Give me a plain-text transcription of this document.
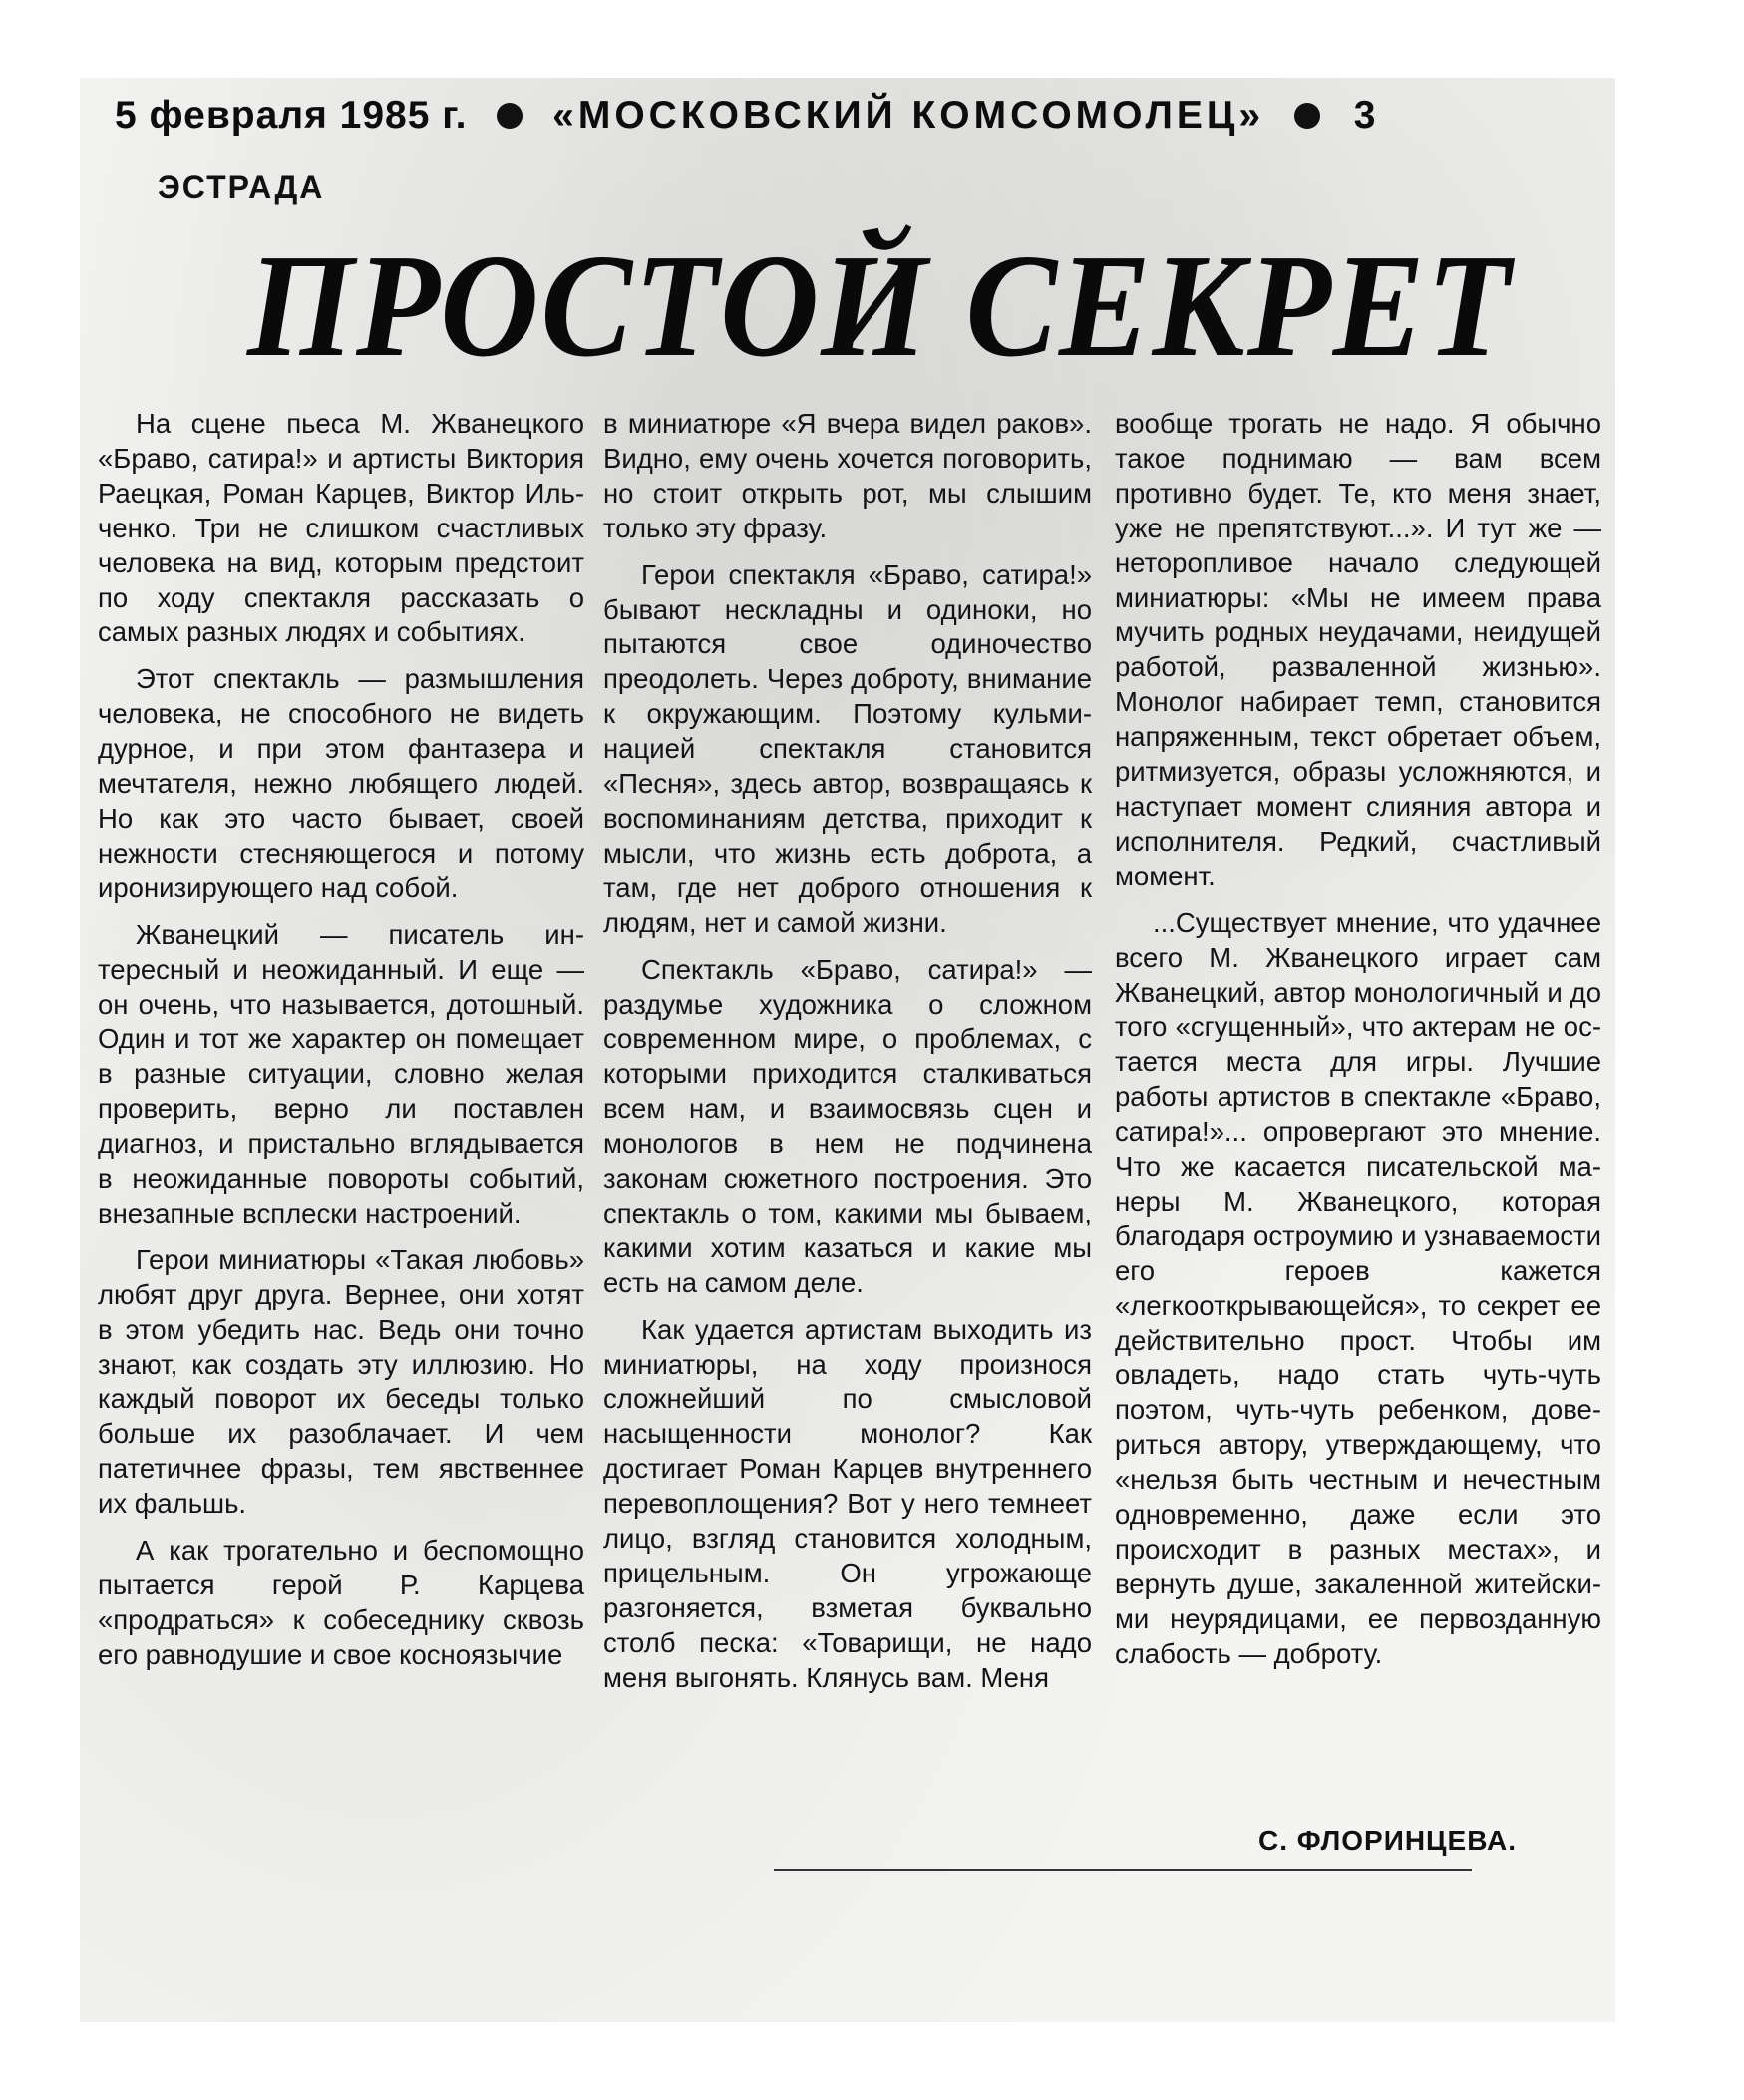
5 февраля 1985 г. «МОСКОВСКИЙ КОМСОМОЛЕЦ» 3
ЭСТРАДА
ПРОСТОЙ СЕКРЕТ

На сцене пьеса М. Жванецкого «Браво, сатира!» и артисты Виктория Раецкая, Роман Карцев, Виктор Ильченко. Три не слишком счастливых человека на вид, которым предстоит по ходу спектакля рассказать о самых разных людях и событиях.

Этот спектакль — размышления человека, не способного не видеть дурное, и при этом фантазера и мечтателя, нежно любящего людей. Но как это часто бывает, своей нежности стесняющегося и потому иронизирующего над собой.

Жванецкий — писатель интересный и неожиданный. И еще — он очень, что называется, дотошный. Один и тот же характер он помещает в разные ситуации, словно желая проверить, верно ли поставлен диагноз, и пристально вглядывается в неожиданные повороты событий, внезапные всплески настроений.

Герои миниатюры «Такая любовь» любят друг друга. Вернее, они хотят в этом убедить нас. Ведь они точно знают, как создать эту иллюзию. Но каждый поворот их беседы только больше их разоблачает. И чем патетичнее фразы, тем явственнее их фальшь.

А как трогательно и беспомощно пытается герой Р. Карцева «продраться» к собеседнику сквозь его равнодушие и свое косноязычие

в миниатюре «Я вчера видел раков». Видно, ему очень хочется поговорить, но стоит открыть рот, мы слышим только эту фразу.

Герои спектакля «Браво, сатира!» бывают нескладны и одиноки, но пытаются свое одиночество преодолеть. Через доброту, внимание к окружающим. Поэтому кульминацией спектакля становится «Песня», здесь автор, возвращаясь к воспоминаниям детства, приходит к мысли, что жизнь есть доброта, а там, где нет доброго отношения к людям, нет и самой жизни.

Спектакль «Браво, сатира!» — раздумье художника о сложном современном мире, о проблемах, с которыми приходится сталкиваться всем нам, и взаимосвязь сцен и монологов в нем не подчинена законам сюжетного построения. Это спектакль о том, какими мы бываем, какими хотим казаться и какие мы есть на самом деле.

Как удается артистам выходить из миниатюры, на ходу произнося сложнейший по смысловой насыщенности монолог? Как достигает Роман Карцев внутреннего перевоплощения? Вот у него темнеет лицо, взгляд становится холодным, прицельным. Он угрожающе разгоняется, взметая буквально столб песка: «Товарищи, не надо меня выгонять. Клянусь вам. Меня

вообще трогать не надо. Я обычно такое поднимаю — вам всем противно будет. Те, кто меня знает, уже не препятствуют...». И тут же — неторопливое начало следующей миниатюры: «Мы не имеем права мучить родных неудачами, неидущей работой, разваленной жизнью». Монолог набирает темп, становится напряженным, текст обретает объем, ритмизуется, образы усложняются, и наступает момент слияния автора и исполнителя. Редкий, счастливый момент.

...Существует мнение, что удачнее всего М. Жванецкого играет сам Жванецкий, автор монологичный и до того «сгущенный», что актерам не остается места для игры. Лучшие работы артистов в спектакле «Браво, сатира!»... опровергают это мнение. Что же касается писательской манеры М. Жванецкого, которая благодаря остроумию и узнаваемости его героев кажется «легкооткрывающейся», то секрет ее действительно прост. Чтобы им овладеть, надо стать чуть-чуть поэтом, чуть-чуть ребенком, довериться автору, утверждающему, что «нельзя быть честным и нечестным одновременно, даже если это происходит в разных местах», и вернуть душе, закаленной житейскими неурядицами, ее первозданную слабость — доброту.

С. ФЛОРИНЦЕВА.
